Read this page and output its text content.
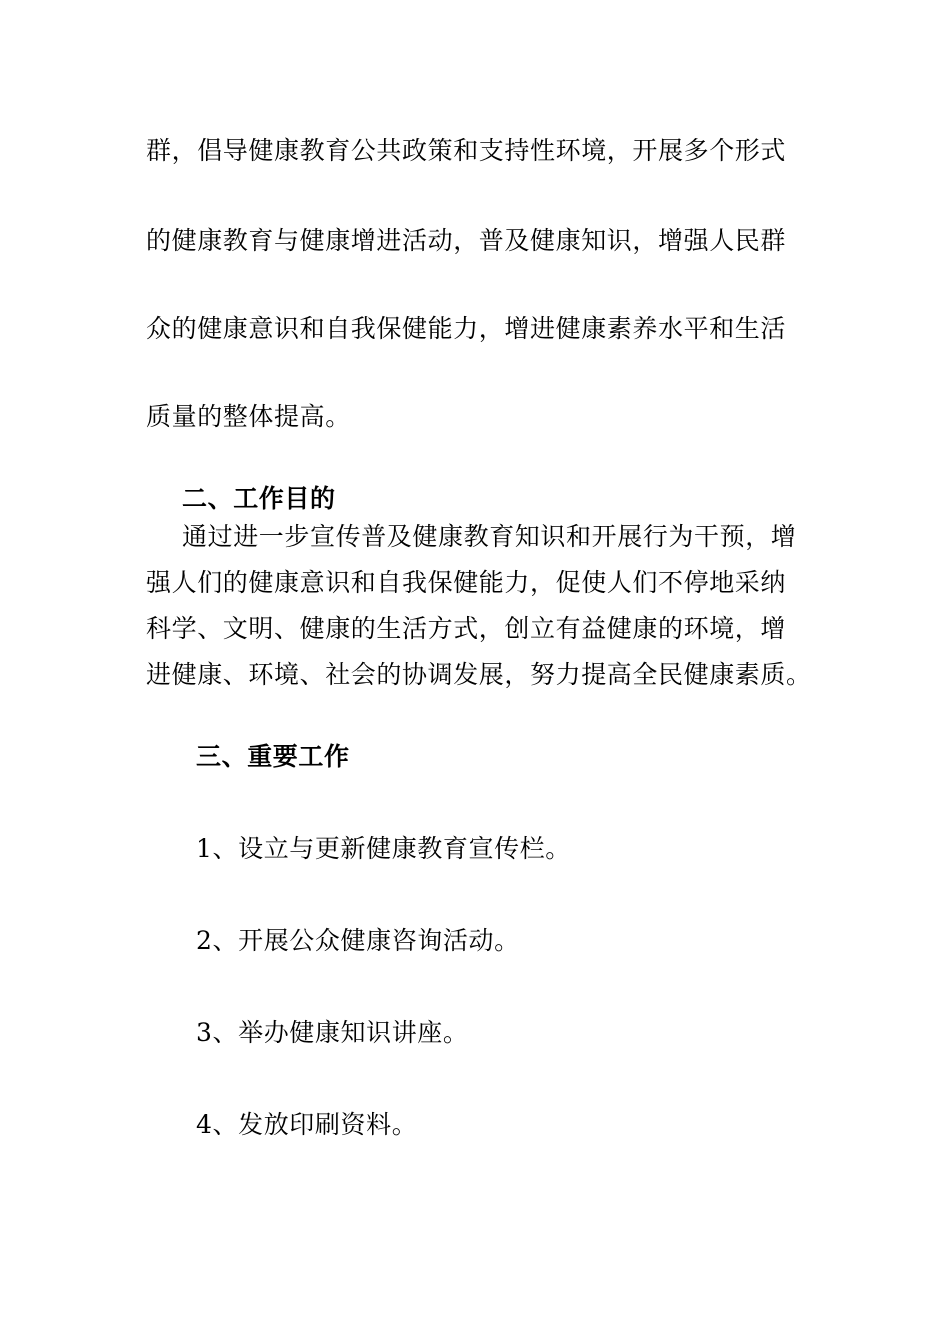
群，倡导健康教育公共政策和支持性环境，开展多个形式
的健康教育与健康增进活动，普及健康知识，增强人民群
众的健康意识和自我保健能力，增进健康素养水平和生活
质量的整体提高。
二、工作目的
通过进一步宣传普及健康教育知识和开展行为干预，增
强人们的健康意识和自我保健能力，促使人们不停地采纳
科学、文明、健康的生活方式，创立有益健康的环境，增
进健康、环境、社会的协调发展，努力提高全民健康素质。
三、重要工作
1、设立与更新健康教育宣传栏。
2、开展公众健康咨询活动。
3、举办健康知识讲座。
4、发放印刷资料。
